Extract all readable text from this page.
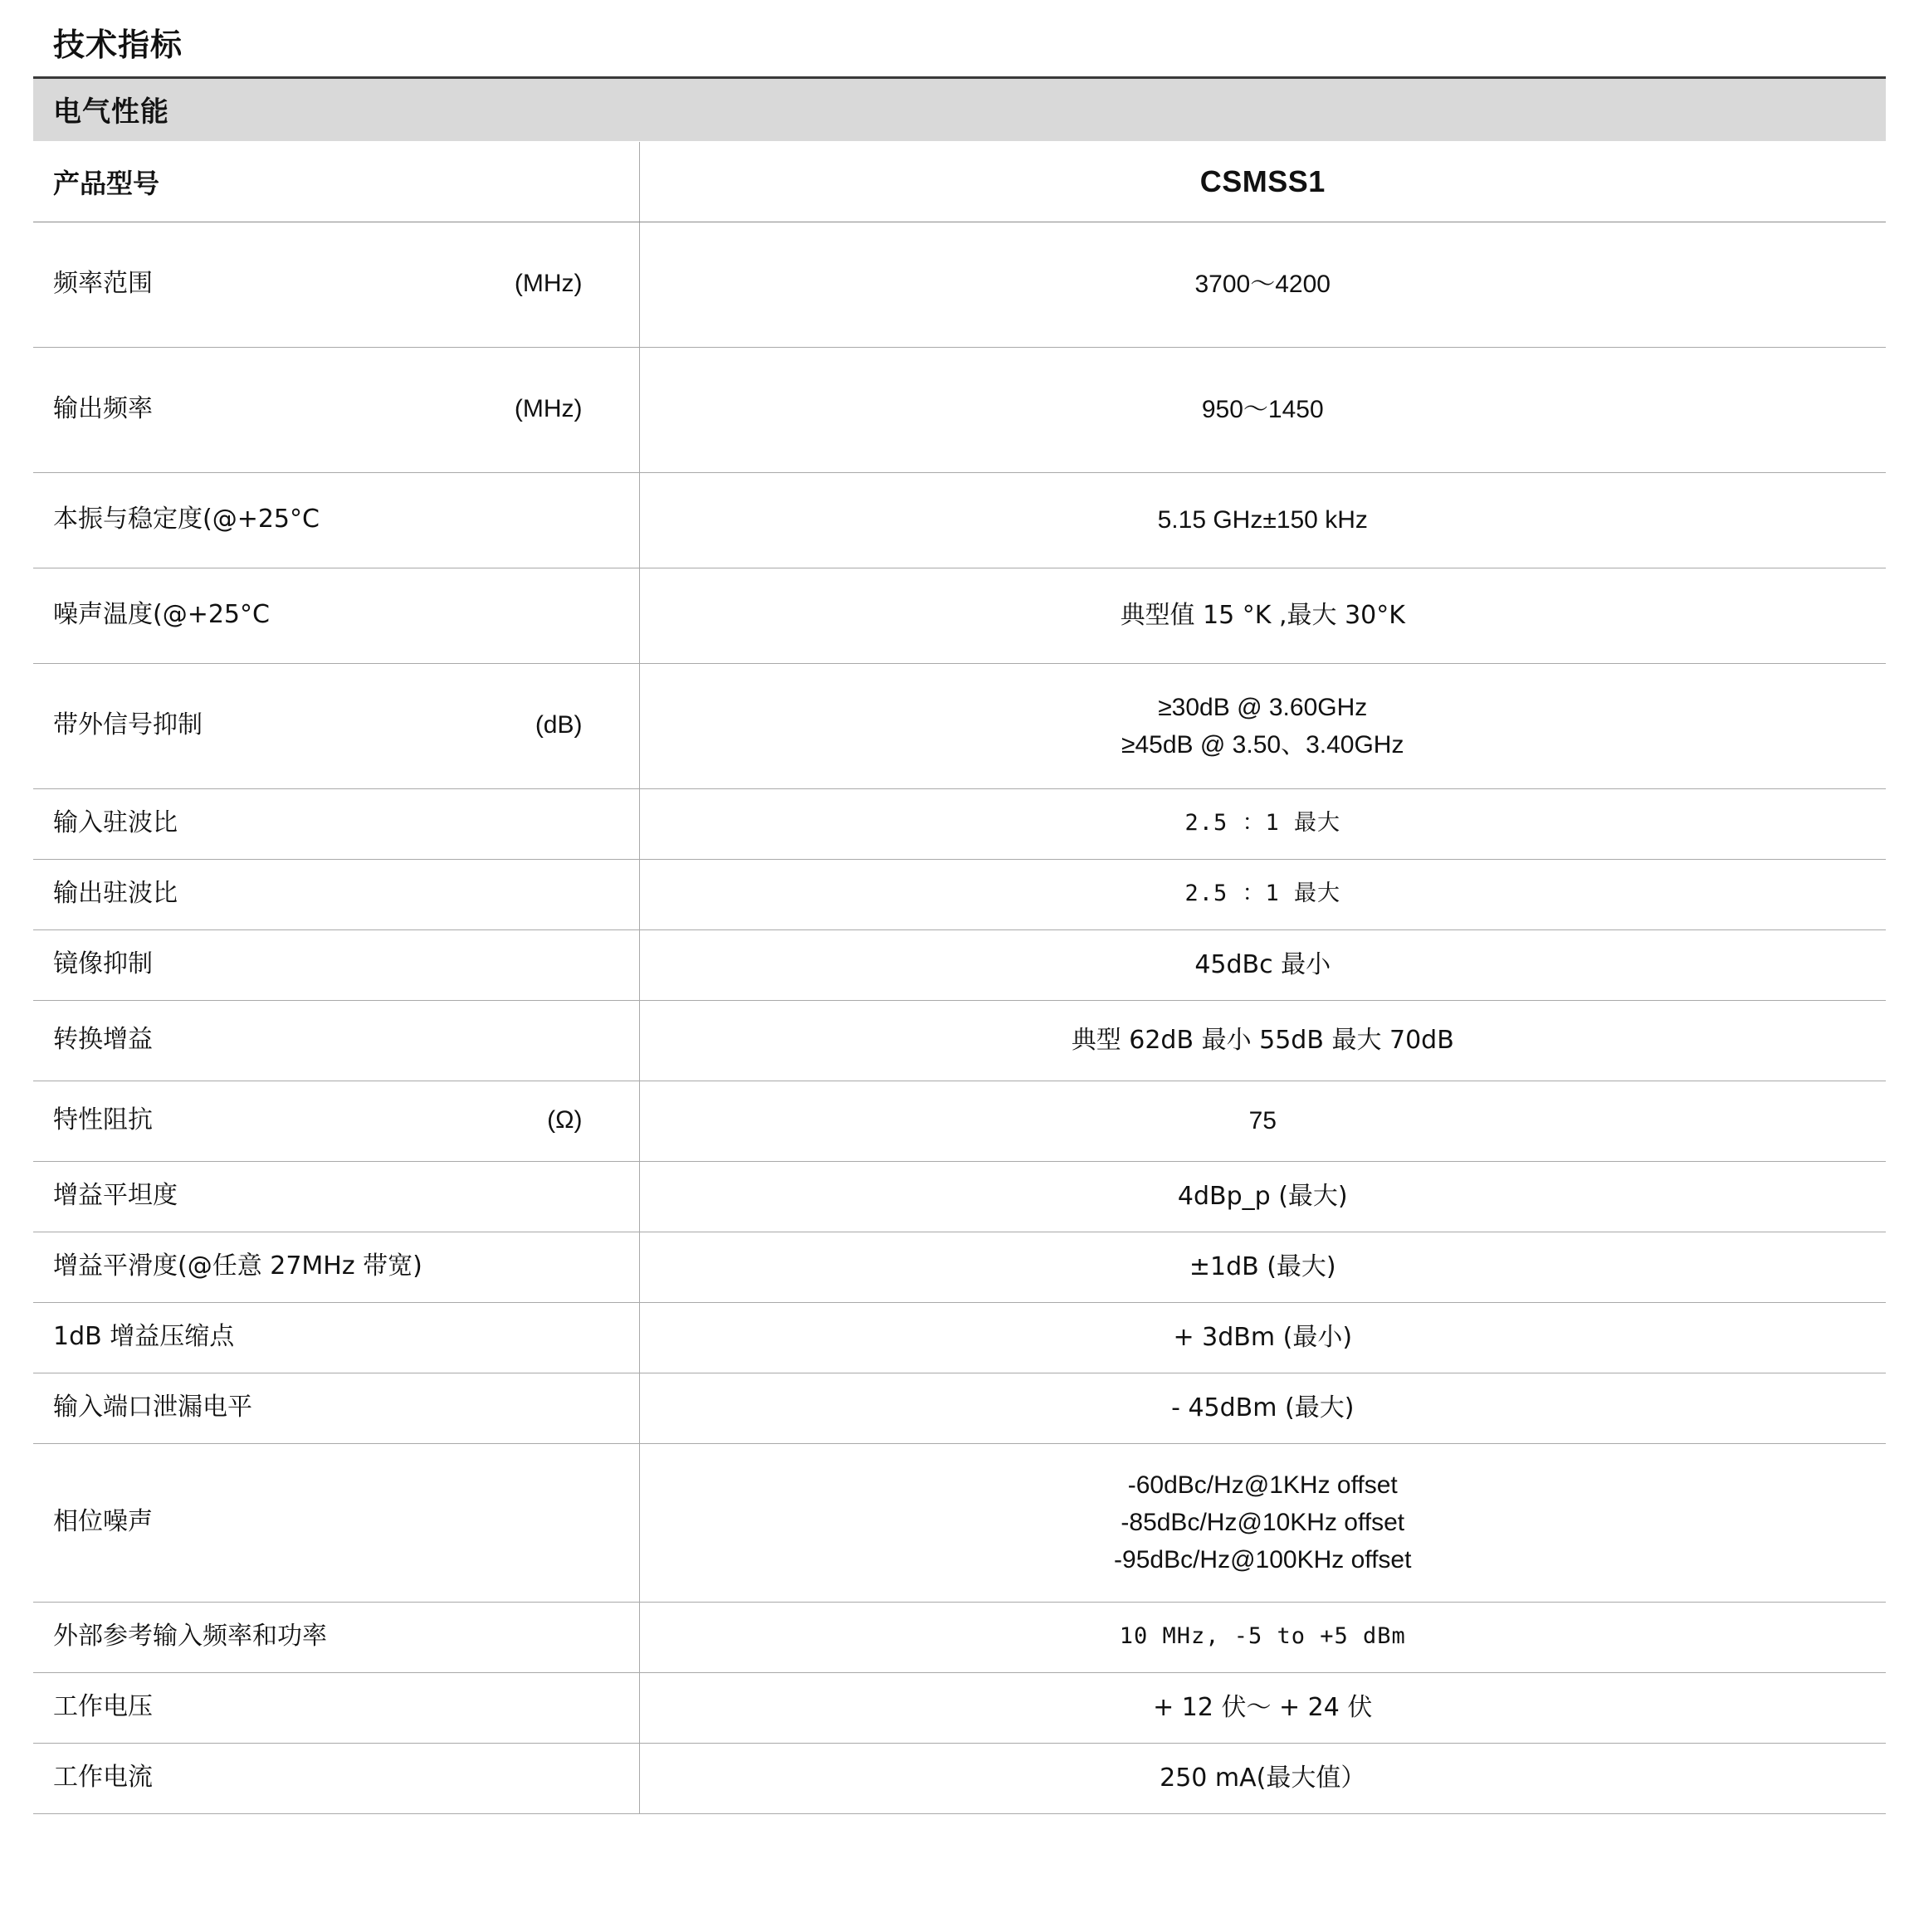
技术指标
电气性能
产品型号	CSMSS1

频率范围 (MHz)	3700～4200

输出频率 (MHz)	950～1450

本振与稳定度(@+25°C	5.15 GHz±150 kHz

噪声温度(@+25°C	典型值 15 °K ,最大 30°K

带外信号抑制 (dB)	≥30dB @ 3.60GHz
≥45dB @ 3.50、3.40GHz

输入驻波比	2.5 ：1 最大

输出驻波比	2.5 ：1 最大

镜像抑制	45dBc 最小

转换增益	典型 62dB 最小 55dB 最大 70dB

特性阻抗 (Ω)	75

增益平坦度	4dBp_p (最大)

增益平滑度(@任意 27MHz 带宽)	±1dB (最大)

1dB 增益压缩点	+ 3dBm (最小)

输入端口泄漏电平	- 45dBm (最大)

相位噪声	-60dBc/Hz@1KHz offset
-85dBc/Hz@10KHz offset
-95dBc/Hz@100KHz offset

外部参考输入频率和功率	10 MHz, -5 to +5 dBm

工作电压	+ 12 伏～ + 24 伏

工作电流	250 mA(最大值）
